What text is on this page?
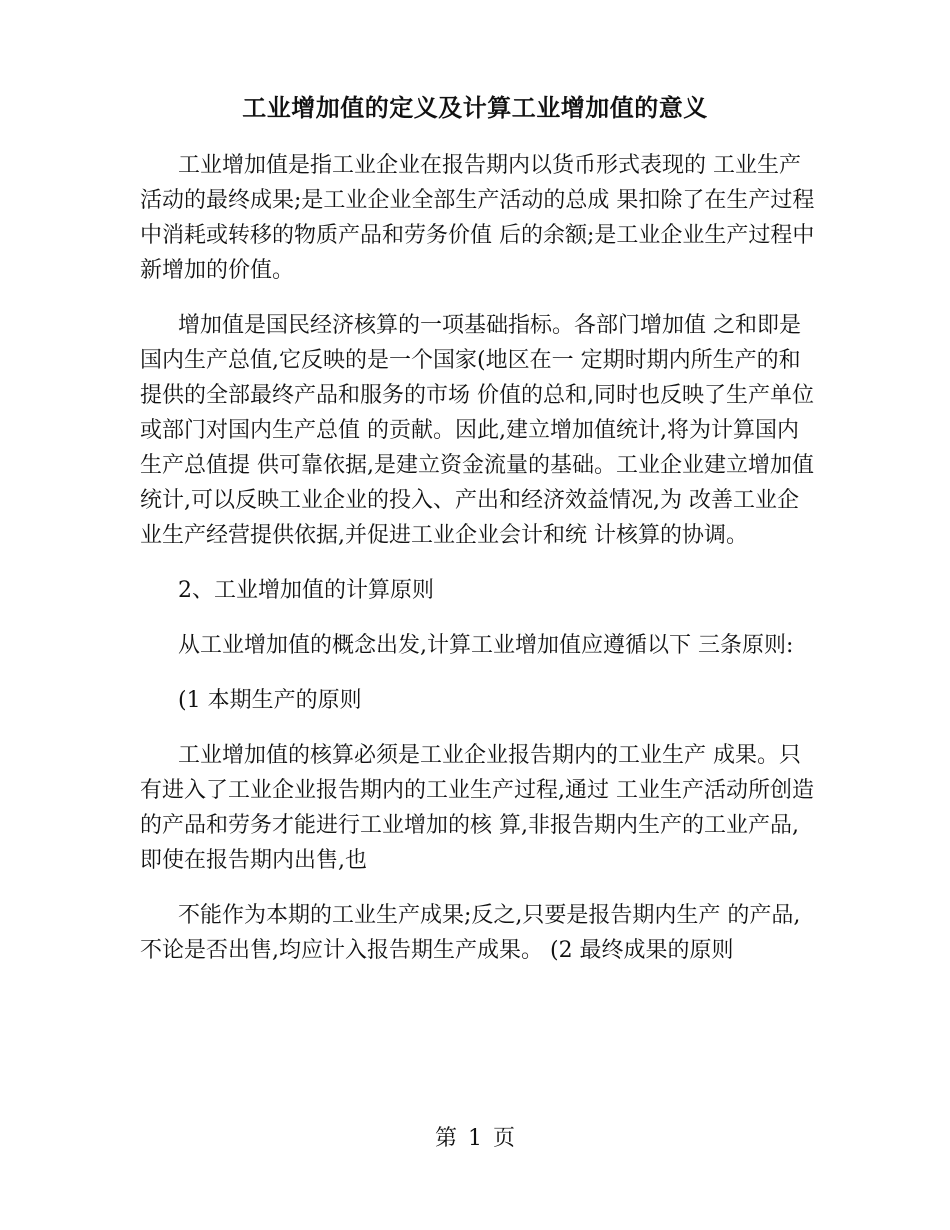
工业增加值的定义及计算工业增加值的意义

工业增加值是指工业企业在报告期内以货币形式表现的 工业生产活动的最终成果;是工业企业全部生产活动的总成 果扣除了在生产过程中消耗或转移的物质产品和劳务价值 后的余额;是工业企业生产过程中新增加的价值。

增加值是国民经济核算的一项基础指标。各部门增加值 之和即是国内生产总值,它反映的是一个国家(地区在一 定期时期内所生产的和提供的全部最终产品和服务的市场 价值的总和,同时也反映了生产单位或部门对国内生产总值 的贡献。因此,建立增加值统计,将为计算国内生产总值提 供可靠依据,是建立资金流量的基础。工业企业建立增加值 统计,可以反映工业企业的投入、产出和经济效益情况,为 改善工业企业生产经营提供依据,并促进工业企业会计和统 计核算的协调。

2、工业增加值的计算原则

从工业增加值的概念出发,计算工业增加值应遵循以下 三条原则:

(1 本期生产的原则

工业增加值的核算必须是工业企业报告期内的工业生产 成果。只有进入了工业企业报告期内的工业生产过程,通过 工业生产活动所创造的产品和劳务才能进行工业增加的核 算,非报告期内生产的工业产品,即使在报告期内出售,也

不能作为本期的工业生产成果;反之,只要是报告期内生产 的产品,不论是否出售,均应计入报告期生产成果。 (2 最终成果的原则

第 1 页
